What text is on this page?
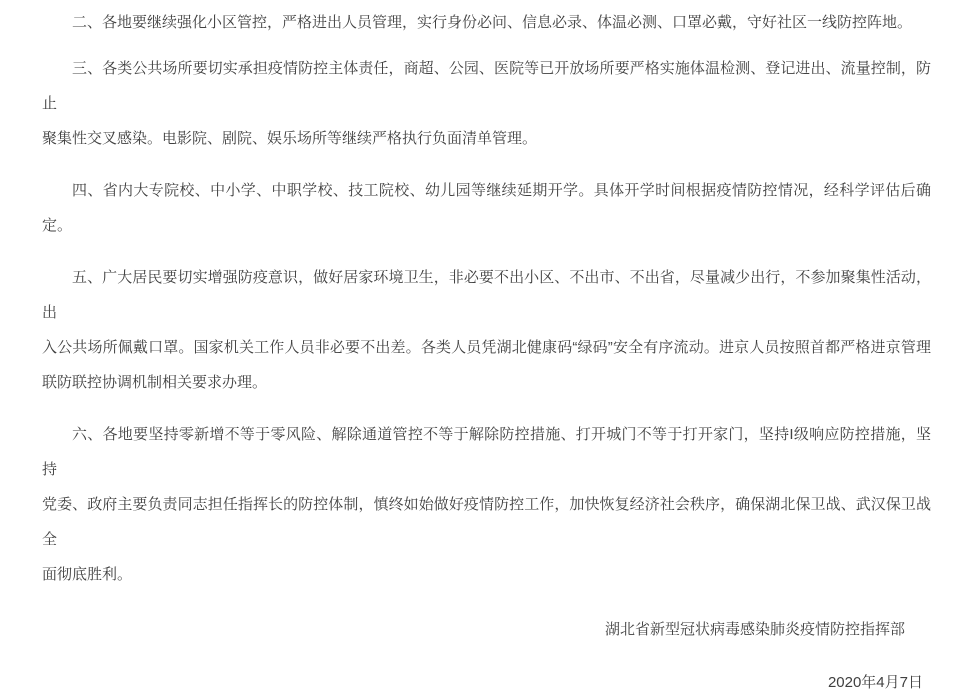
二、各地要继续强化小区管控，严格进出人员管理，实行身份必问、信息必录、体温必测、口罩必戴，守好社区一线防控阵地。
三、各类公共场所要切实承担疫情防控主体责任，商超、公园、医院等已开放场所要严格实施体温检测、登记进出、流量控制，防止
聚集性交叉感染。电影院、剧院、娱乐场所等继续严格执行负面清单管理。
四、省内大专院校、中小学、中职学校、技工院校、幼儿园等继续延期开学。具体开学时间根据疫情防控情况，经科学评估后确定。
五、广大居民要切实增强防疫意识，做好居家环境卫生，非必要不出小区、不出市、不出省，尽量减少出行，不参加聚集性活动，出
入公共场所佩戴口罩。国家机关工作人员非必要不出差。各类人员凭湖北健康码“绿码”安全有序流动。进京人员按照首都严格进京管理
联防联控协调机制相关要求办理。
六、各地要坚持零新增不等于零风险、解除通道管控不等于解除防控措施、打开城门不等于打开家门，坚持I级响应防控措施，坚持
党委、政府主要负责同志担任指挥长的防控体制，慎终如始做好疫情防控工作，加快恢复经济社会秩序，确保湖北保卫战、武汉保卫战全
面彻底胜利。
湖北省新型冠状病毒感染肺炎疫情防控指挥部
2020年4月7日
